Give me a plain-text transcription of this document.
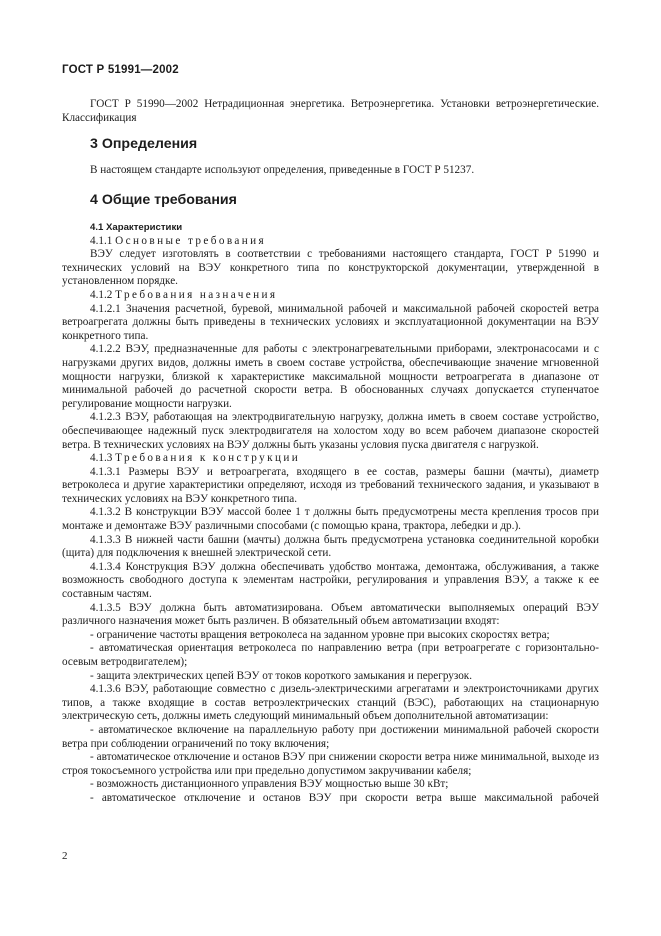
ГОСТ Р 51991—2002

ГОСТ Р 51990—2002 Нетрадиционная энергетика. Ветроэнергетика. Установки ветроэнергетические. Классификация

3 Определения

В настоящем стандарте используют определения, приведенные в ГОСТ Р 51237.

4 Общие требования

4.1 Характеристики

4.1.1 Основные требования

ВЭУ следует изготовлять в соответствии с требованиями настоящего стандарта, ГОСТ Р 51990 и технических условий на ВЭУ конкретного типа по конструкторской документации, утвержденной в установленном порядке.

4.1.2 Требования назначения

4.1.2.1 Значения расчетной, буревой, минимальной рабочей и максимальной рабочей скоростей ветра ветроагрегата должны быть приведены в технических условиях и эксплуатационной документации на ВЭУ конкретного типа.

4.1.2.2 ВЭУ, предназначенные для работы с электронагревательными приборами, электронасосами и с нагрузками других видов, должны иметь в своем составе устройства, обеспечивающие значение мгновенной мощности нагрузки, близкой к характеристике максимальной мощности ветроагрегата в диапазоне от минимальной рабочей до расчетной скорости ветра. В обоснованных случаях допускается ступенчатое регулирование мощности нагрузки.

4.1.2.3 ВЭУ, работающая на электродвигательную нагрузку, должна иметь в своем составе устройство, обеспечивающее надежный пуск электродвигателя на холостом ходу во всем рабочем диапазоне скоростей ветра. В технических условиях на ВЭУ должны быть указаны условия пуска двигателя с нагрузкой.

4.1.3 Требования к конструкции

4.1.3.1 Размеры ВЭУ и ветроагрегата, входящего в ее состав, размеры башни (мачты), диаметр ветроколеса и другие характеристики определяют, исходя из требований технического задания, и указывают в технических условиях на ВЭУ конкретного типа.

4.1.3.2 В конструкции ВЭУ массой более 1 т должны быть предусмотрены места крепления тросов при монтаже и демонтаже ВЭУ различными способами (с помощью крана, трактора, лебедки и др.).

4.1.3.3 В нижней части башни (мачты) должна быть предусмотрена установка соединительной коробки (щита) для подключения к внешней электрической сети.

4.1.3.4 Конструкция ВЭУ должна обеспечивать удобство монтажа, демонтажа, обслуживания, а также возможность свободного доступа к элементам настройки, регулирования и управления ВЭУ, а также к ее составным частям.

4.1.3.5 ВЭУ должна быть автоматизирована. Объем автоматически выполняемых операций ВЭУ различного назначения может быть различен. В обязательный объем автоматизации входят:

- ограничение частоты вращения ветроколеса на заданном уровне при высоких скоростях ветра;

- автоматическая ориентация ветроколеса по направлению ветра (при ветроагрегате с горизонтально-осевым ветродвигателем);

- защита электрических цепей ВЭУ от токов короткого замыкания и перегрузок.

4.1.3.6 ВЭУ, работающие совместно с дизель-электрическими агрегатами и электроисточниками других типов, а также входящие в состав ветроэлектрических станций (ВЭС), работающих на стационарную электрическую сеть, должны иметь следующий минимальный объем дополнительной автоматизации:

- автоматическое включение на параллельную работу при достижении минимальной рабочей скорости ветра при соблюдении ограничений по току включения;

- автоматическое отключение и останов ВЭУ при снижении скорости ветра ниже минимальной, выходе из строя токосъемного устройства или при предельно допустимом закручивании кабеля;

- возможность дистанционного управления ВЭУ мощностью выше 30 кВт;

- автоматическое отключение и останов ВЭУ при скорости ветра выше максимальной рабочей

2
